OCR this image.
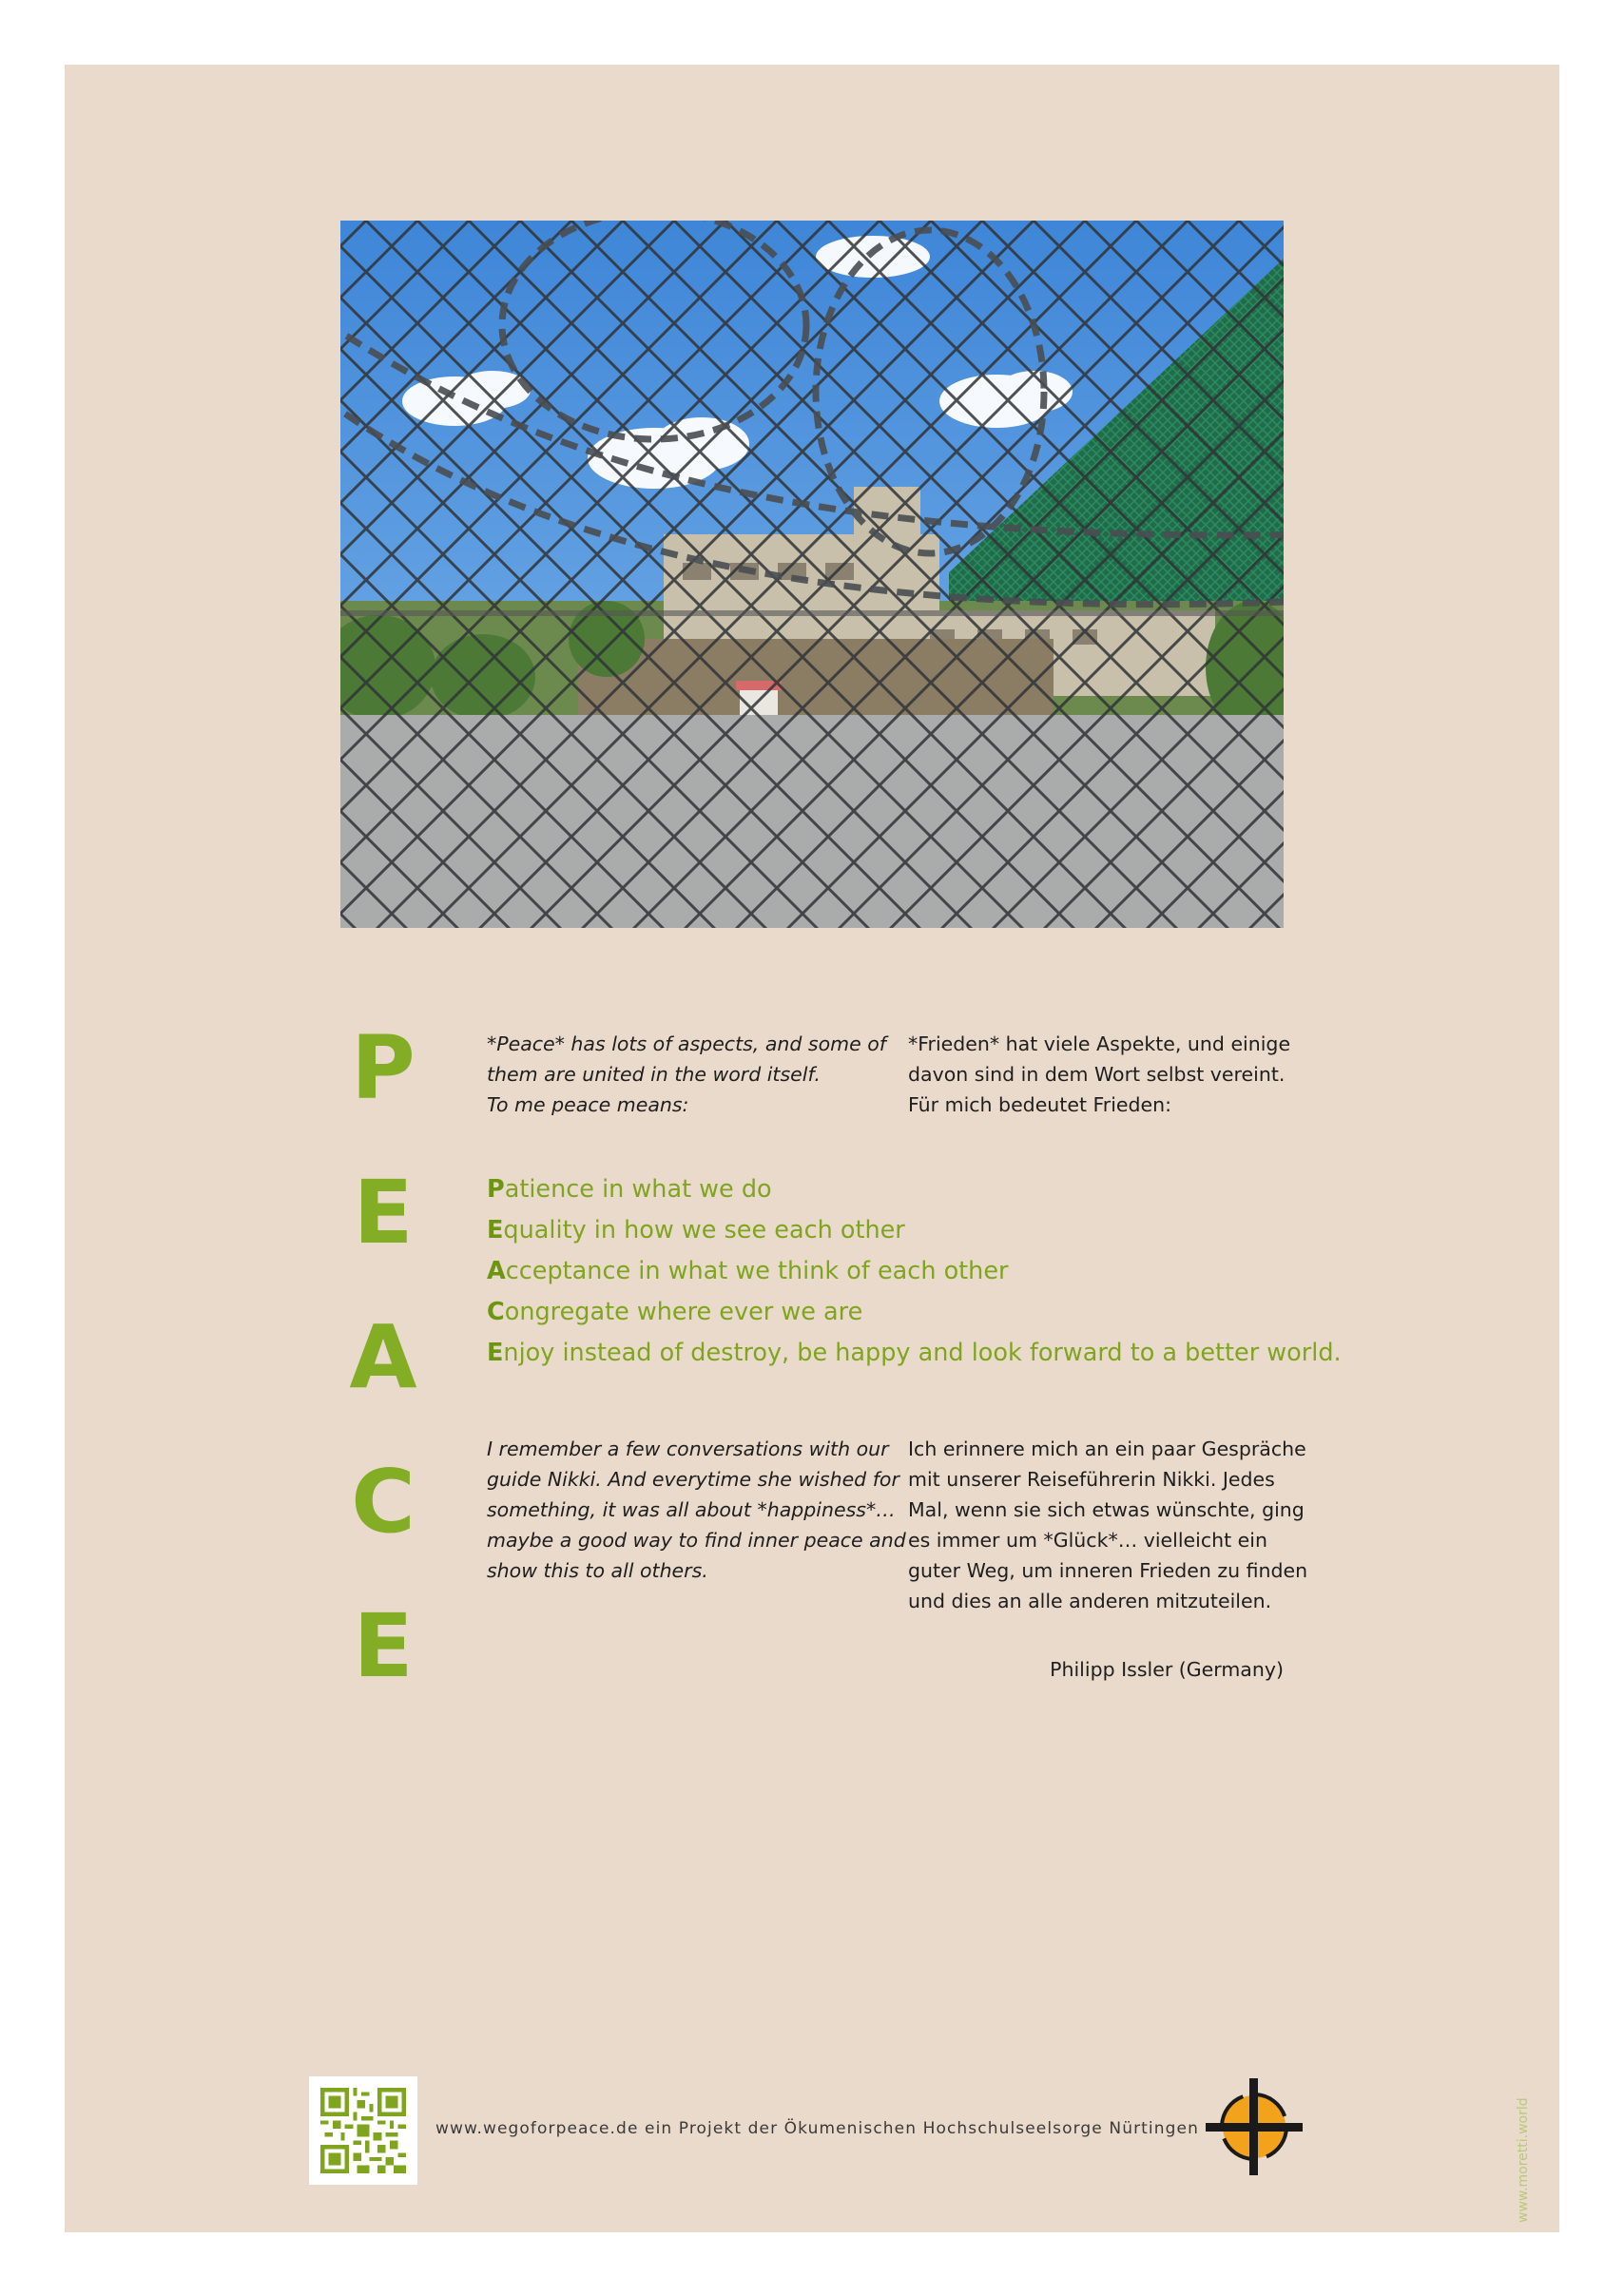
P
E
A
C
E
*Peace* has lots of aspects, and some of
them are united in the word itself.
To me peace means:
*Frieden* hat viele Aspekte, und einige
davon sind in dem Wort selbst vereint.
Für mich bedeutet Frieden:
Patience in what we do
Equality in how we see each other
Acceptance in what we think of each other
Congregate where ever we are
Enjoy instead of destroy, be happy and look forward to a better world.
I remember a few conversations with our
guide Nikki. And everytime she wished for
something, it was all about *happiness*…
maybe a good way to find inner peace and
show this to all others.
Ich erinnere mich an ein paar Gespräche
mit unserer Reiseführerin Nikki. Jedes
Mal, wenn sie sich etwas wünschte, ging
es immer um *Glück*… vielleicht ein
guter Weg, um inneren Frieden zu finden
und dies an alle anderen mitzuteilen.
Philipp Issler (Germany)
www.wegoforpeace.de ein Projekt der Ökumenischen Hochschulseelsorge Nürtingen	www.moretti.world
